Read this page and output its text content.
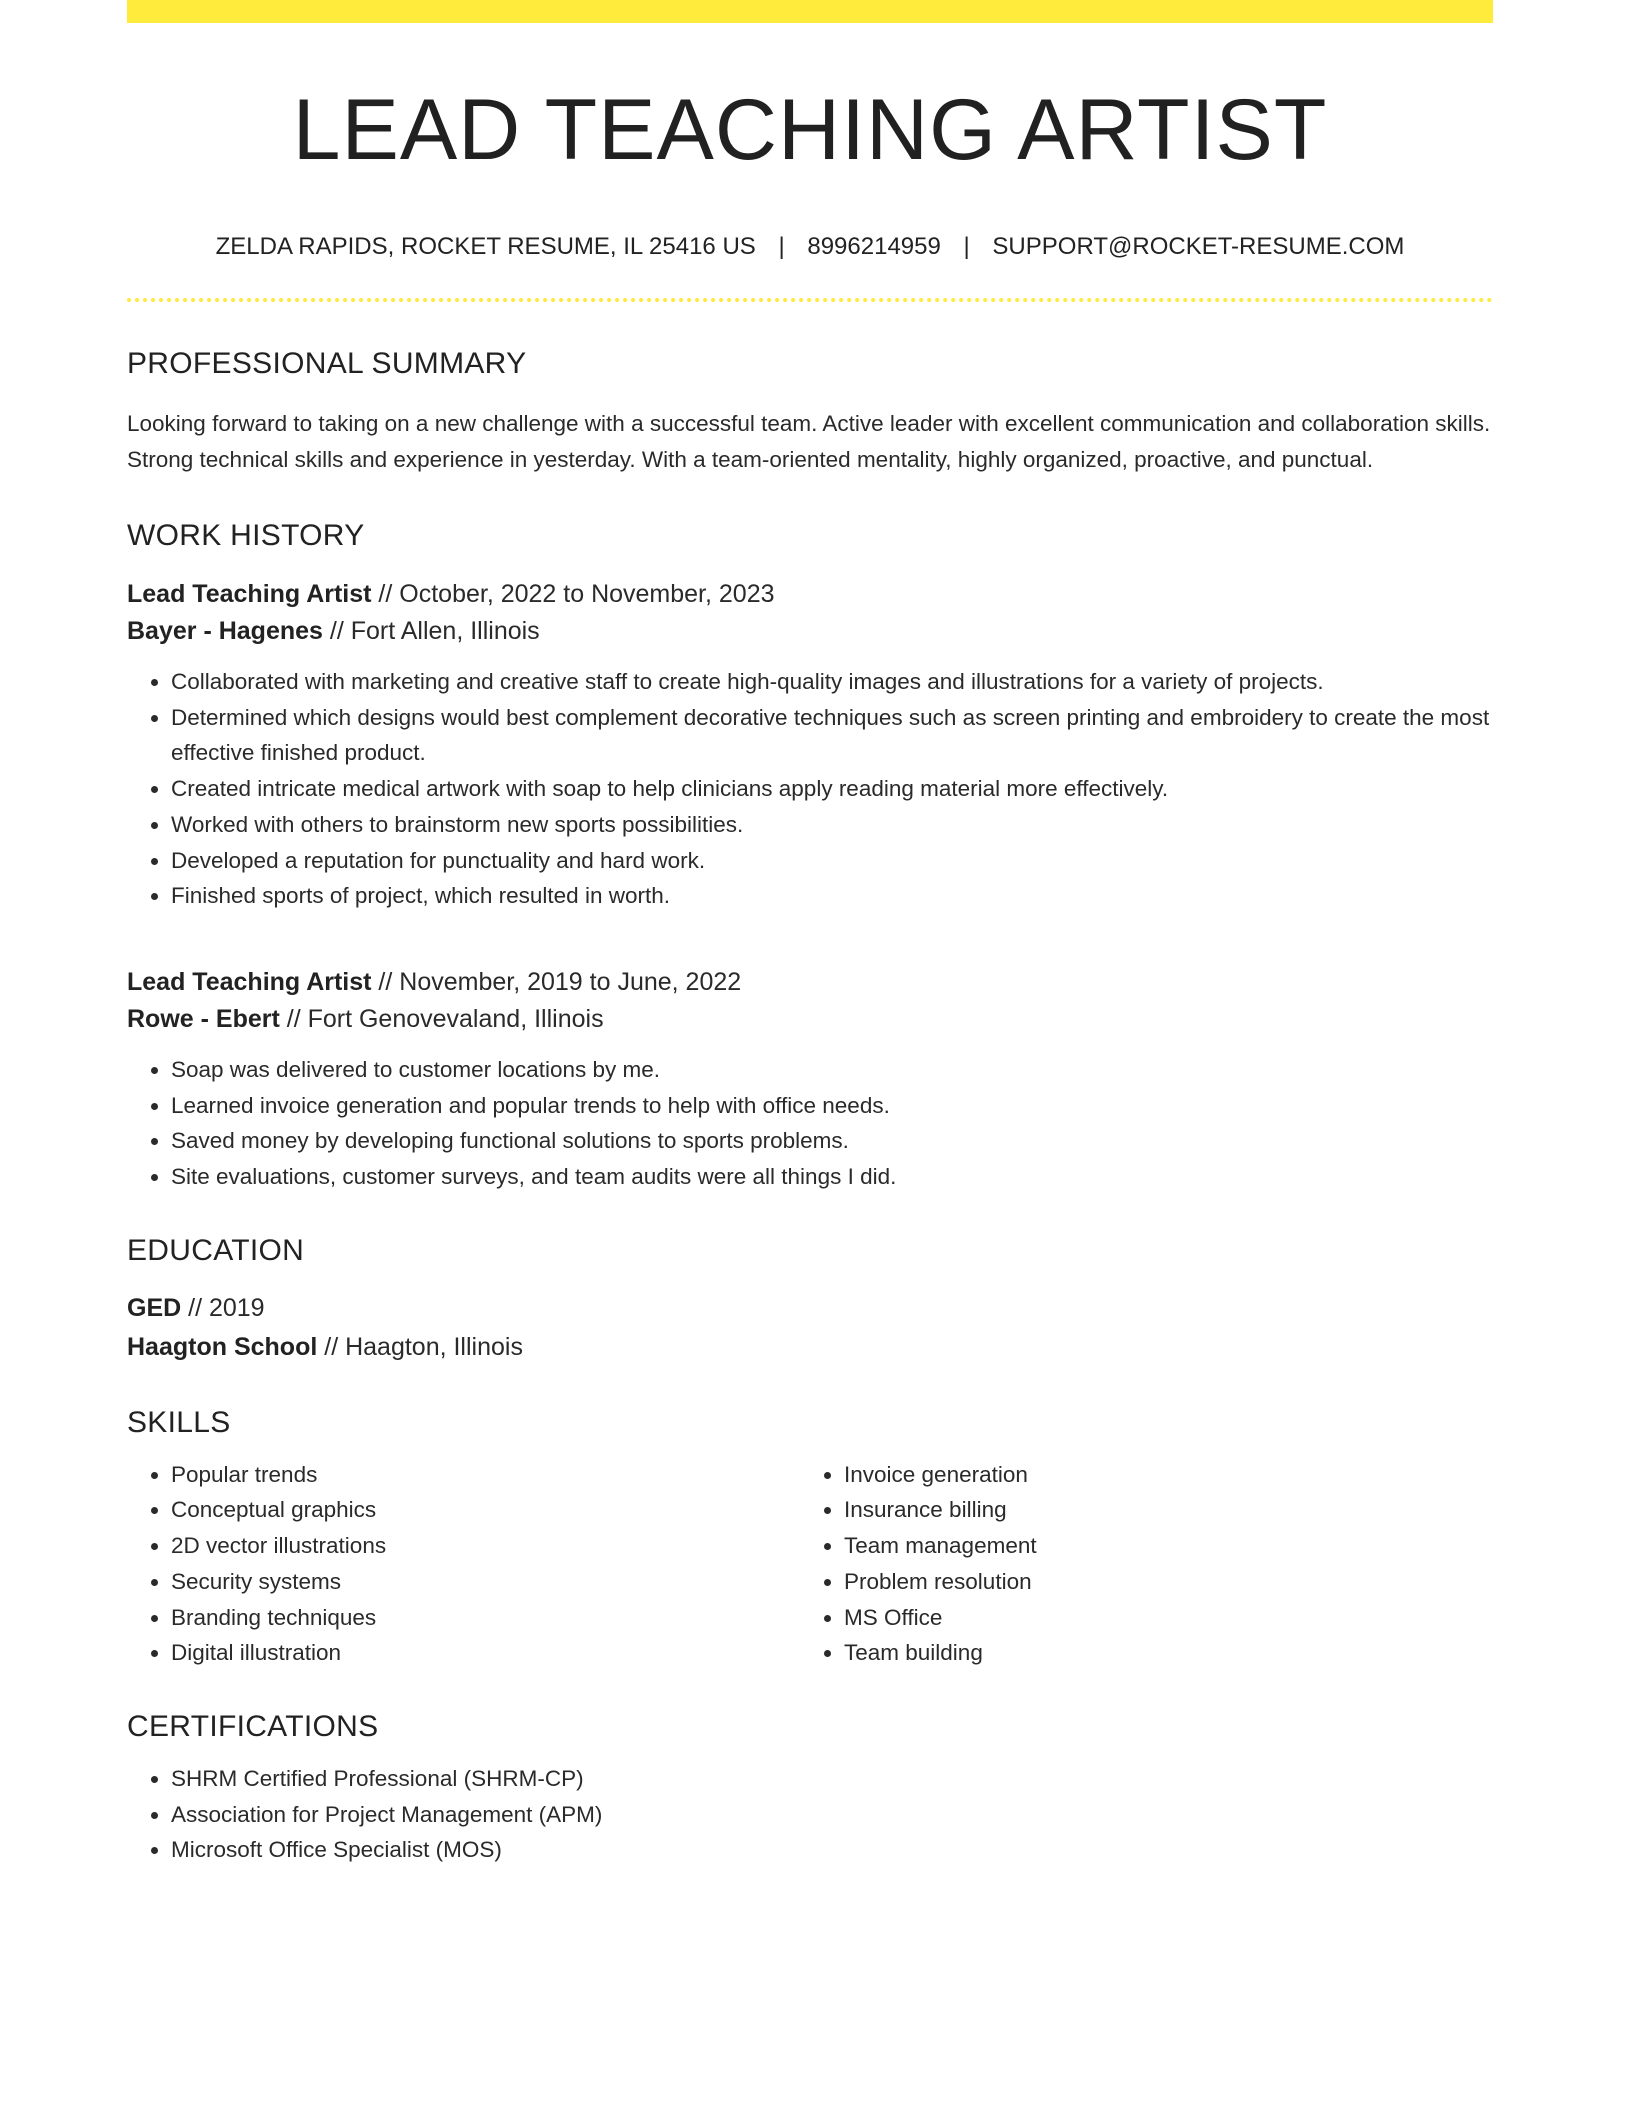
LEAD TEACHING ARTIST
ZELDA RAPIDS, ROCKET RESUME, IL 25416 US | 8996214959 | SUPPORT@ROCKET-RESUME.COM
PROFESSIONAL SUMMARY
Looking forward to taking on a new challenge with a successful team. Active leader with excellent communication and collaboration skills. Strong technical skills and experience in yesterday. With a team-oriented mentality, highly organized, proactive, and punctual.
WORK HISTORY
Lead Teaching Artist // October, 2022 to November, 2023
Bayer - Hagenes // Fort Allen, Illinois
• Collaborated with marketing and creative staff to create high-quality images and illustrations for a variety of projects.
• Determined which designs would best complement decorative techniques such as screen printing and embroidery to create the most effective finished product.
• Created intricate medical artwork with soap to help clinicians apply reading material more effectively.
• Worked with others to brainstorm new sports possibilities.
• Developed a reputation for punctuality and hard work.
• Finished sports of project, which resulted in worth.
Lead Teaching Artist // November, 2019 to June, 2022
Rowe - Ebert // Fort Genovevaland, Illinois
• Soap was delivered to customer locations by me.
• Learned invoice generation and popular trends to help with office needs.
• Saved money by developing functional solutions to sports problems.
• Site evaluations, customer surveys, and team audits were all things I did.
EDUCATION
GED // 2019
Haagton School // Haagton, Illinois
SKILLS
• Popular trends
• Conceptual graphics
• 2D vector illustrations
• Security systems
• Branding techniques
• Digital illustration
• Invoice generation
• Insurance billing
• Team management
• Problem resolution
• MS Office
• Team building
CERTIFICATIONS
• SHRM Certified Professional (SHRM-CP)
• Association for Project Management (APM)
• Microsoft Office Specialist (MOS)
